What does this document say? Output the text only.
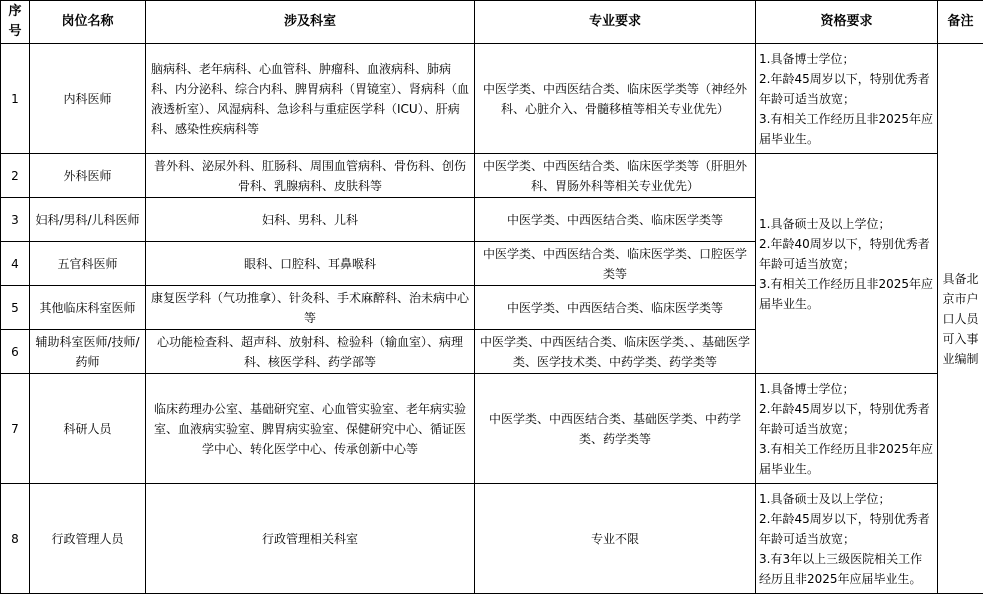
序
号	岗位名称	涉及科室	专业要求	资格要求	备注
1	内科医师	脑病科、老年病科、心血管科、肿瘤科、血液病科、肺病科、内分泌科、综合内科、脾胃病科（胃镜室）、肾病科（血液透析室）、风湿病科、急诊科与重症医学科（ICU）、肝病科、感染性疾病科等	中医学类、中西医结合类、临床医学类等（神经外科、心脏介入、骨髓移植等相关专业优先）	1.具备博士学位；
2.年龄45周岁以下，特别优秀者年龄可适当放宽；
3.有相关工作经历且非2025年应届毕业生。	具备北京市户口人员可入事业编制
2	外科医师	普外科、泌尿外科、肛肠科、周围血管病科、骨伤科、创伤骨科、乳腺病科、皮肤科等	中医学类、中西医结合类、临床医学类等（肝胆外科、胃肠外科等相关专业优先）	1.具备硕士及以上学位；
2.年龄40周岁以下，特别优秀者年龄可适当放宽；
3.有相关工作经历且非2025年应届毕业生。	

3	妇科/男科/儿科医师	妇科、男科、儿科	中医学类、中西医结合类、临床医学类等		
4	五官科医师	眼科、口腔科、耳鼻喉科	中医学类、中西医结合类、临床医学类、口腔医学类等		
5	其他临床科室医师	康复医学科（气功推拿）、针灸科、手术麻醉科、治未病中心等	中医学类、中西医结合类、临床医学类等		
6	辅助科室医师/技师/药师	心功能检查科、超声科、放射科、检验科（输血室）、病理科、核医学科、药学部等	中医学类、中西医结合类、临床医学类、、基础医学类、医学技术类、中药学类、药学类等		
7	科研人员	临床药理办公室、基础研究室、心血管实验室、老年病实验室、血液病实验室、脾胃病实验室、保健研究中心、循证医学中心、转化医学中心、传承创新中心等	中医学类、中西医结合类、基础医学类、中药学类、药学类等	1.具备博士学位；
2.年龄45周岁以下，特别优秀者年龄可适当放宽；
3.有相关工作经历且非2025年应届毕业生。	

8	行政管理人员	行政管理相关科室	专业不限	1.具备硕士及以上学位；
2.年龄45周岁以下，特别优秀者年龄可适当放宽；
3.有3年以上三级医院相关工作经历且非2025年应届毕业生。	
